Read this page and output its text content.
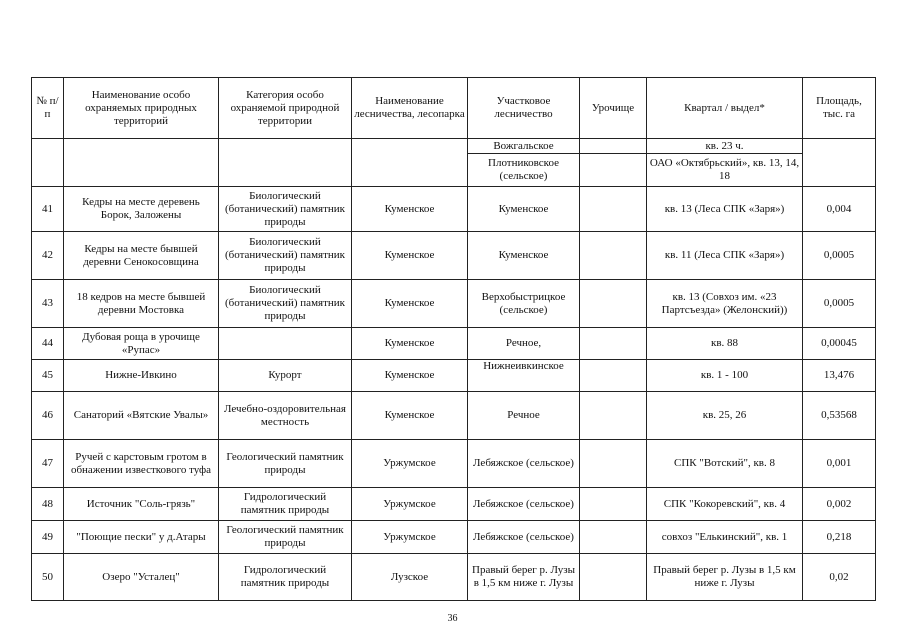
№ п/п	Наименование особо охраняемых природных территорий	Категория особо охраняемой природной территории	Наименование лесничества, лесопарка	Участковое лесничество	Урочище	Квартал / выдел*	Площадь, тыс. га
				Вожгальское		кв. 23 ч.	
				Плотниковское (сельское)		ОАО «Октябрьский», кв. 13, 14, 18	
41	Кедры на месте деревень Борок, Заложены	Биологический (ботанический) памятник природы	Куменское	Куменское		кв. 13 (Леса СПК «Заря»)	0,004
42	Кедры на месте бывшей деревни Сенокосовщина	Биологический (ботанический) памятник природы	Куменское	Куменское		кв. 11 (Леса СПК «Заря»)	0,0005
43	18 кедров на месте бывшей деревни Мостовка	Биологический (ботанический) памятник природы	Куменское	Верхобыстрицкое (сельское)		кв. 13 (Совхоз им. «23 Партсъезда» (Желонский))	0,0005
44	Дубовая роща в урочище «Рупас»		Куменское	Речное,		кв. 88	0,00045
45	Нижне-Ивкино	Курорт	Куменское	Нижнеивкинское		кв. 1 - 100	13,476
46	Санаторий «Вятские Увалы»	Лечебно-оздоровительная местность	Куменское	Речное		кв. 25, 26	0,53568
47	Ручей с карстовым гротом в обнажении известкового туфа	Геологический памятник природы	Уржумское	Лебяжское (сельское)		СПК "Вотский", кв. 8	0,001
48	Источник "Соль-грязь"	Гидрологический памятник природы	Уржумское	Лебяжское (сельское)		СПК "Кокоревский", кв. 4	0,002
49	"Поющие пески" у д.Атары	Геологический памятник природы	Уржумское	Лебяжское (сельское)		совхоз "Елькинский", кв. 1	0,218
50	Озеро "Усталец"	Гидрологический памятник природы	Лузское	Правый берег р. Лузы в 1,5 км ниже г. Лузы		Правый берег р. Лузы в 1,5 км ниже г. Лузы	0,02
36
